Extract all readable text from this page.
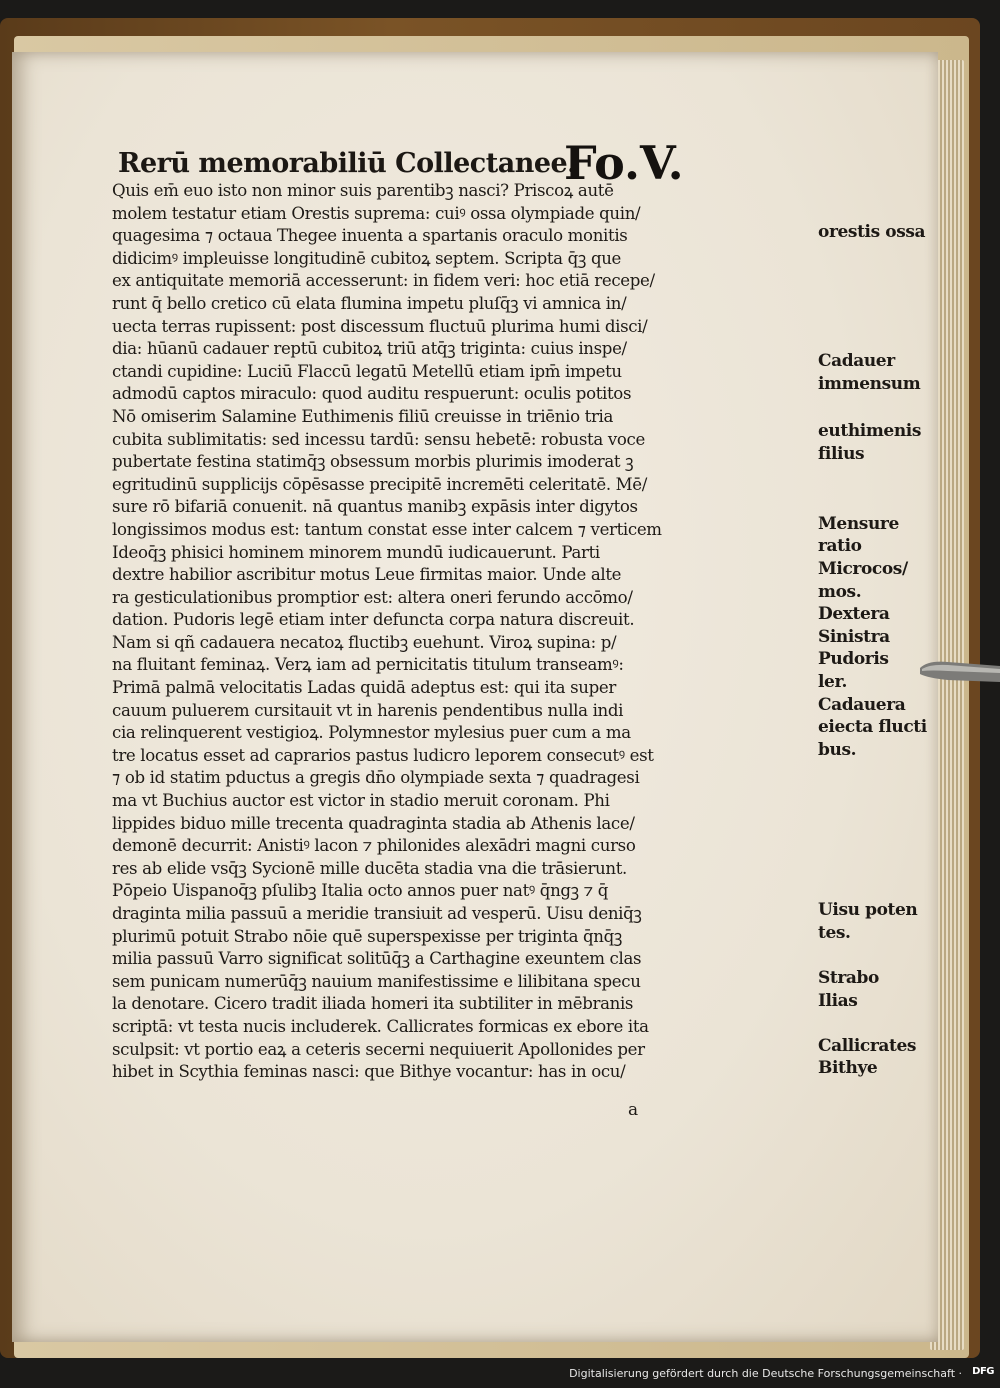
Rerū memorabiliū Collectanee.
Fo.V.
Quis em̄ euo isto non minor suis parentibꝫ nasci? Priscoꝝ autē
molem testatur etiam Orestis suprema: cuiꝰ ossa olympiade quin/
quagesima ⁊ octaua Thegee inuenta a spartanis oraculo monitis
didicimꝰ impleuisse longitudinē cubitoꝝ septem. Scripta q̄ꝫ que
ex antiquitate memoriā accesserunt: in fidem veri: hoc etiā recepe/
runt q̄ bello cretico cū elata flumina impetu pluſq̄ꝫ vi amnica in/
uecta terras rupissent: post discessum fluctuū plurima humi disci/
dia: hūanū cadauer reptū cubitoꝝ triū atq̄ꝫ triginta: cuius inspe/
ctandi cupidine: Luciū Flaccū legatū Metellū etiam ipm̄ impetu
admodū captos miraculo: quod auditu respuerunt: oculis potitos
Nō omiserim Salamine Euthimenis filiū creuisse in triēnio tria
cubita sublimitatis: sed incessu tardū: sensu hebetē: robusta voce
pubertate festina statimq̄ꝫ obsessum morbis plurimis imoderat ꝫ
egritudinū supplicijs cōpēsasse precipitē incremēti celeritatē. Mē/
sure rō bifariā conuenit. nā quantus manibꝫ expāsis inter digytos
longissimos modus est: tantum constat esse inter calcem ⁊ verticem
Ideoq̄ꝫ phisici hominem minorem mundū iudicauerunt. Parti
dextre habilior ascribitur motus Leue firmitas maior. Unde alte
ra gesticulationibus promptior est: altera oneri ferundo accōmo/
dation. Pudoris legē etiam inter defuncta corpa natura discreuit.
Nam si qñ cadauera necatoꝝ fluctibꝫ euehunt. Viroꝝ supina: p/
na fluitant feminaꝝ. Verꝝ iam ad pernicitatis titulum transeamꝰ:
Primā palmā velocitatis Ladas quidā adeptus est: qui ita super
cauum puluerem cursitauit vt in harenis pendentibus nulla indi
cia relinquerent vestigioꝝ. Polymnestor mylesius puer cum a ma
tre locatus esset ad caprarios pastus ludicro leporem consecutꝰ est
⁊ ob id statim pductus a gregis dn̄o olympiade sexta ⁊ quadragesi
ma vt Buchius auctor est victor in stadio meruit coronam. Phi
lippides biduo mille trecenta quadraginta stadia ab Athenis lace/
demonē decurrit: Anistiꝰ lacon ⁊ philonides alexādri magni curso
res ab elide vsq̄ꝫ Sycionē mille ducēta stadia vna die trāsierunt.
Pōpeio Uispanoq̄ꝫ pſulibꝫ Italia octo annos puer natꝰ q̄ngꝫ ⁊ q̄
draginta milia passuū a meridie transiuit ad vesperū. Uisu deniq̄ꝫ
plurimū potuit Strabo nōie quē superspexisse per triginta q̄nq̄ꝫ
milia passuū Varro significat solitūq̄ꝫ a Carthagine exeuntem clas
sem punicam numerūq̄ꝫ nauium manifestissime e lilibitana specu
la denotare. Cicero tradit iliada homeri ita subtiliter in mēbranis
scriptā: vt testa nucis includerek. Callicrates formicas ex ebore ita
sculpsit: vt portio eaꝝ a ceteris secerni nequiuerit Apollonides per
hibet in Scythia feminas nasci: que Bithye vocantur: has in ocu/
orestis ossa
Cadauer
immensum
euthimenis
filius
Mensure
ratio
Microcos/
mos.
Dextera
Sinistra
Pudoris
ler.
Cadauera
eiecta flucti
bus.
Uisu poten
tes.
Strabo
Ilias
Callicrates
Bithye
a
Digitalisierung gefördert durch die Deutsche Forschungsgemeinschaft · DFG
